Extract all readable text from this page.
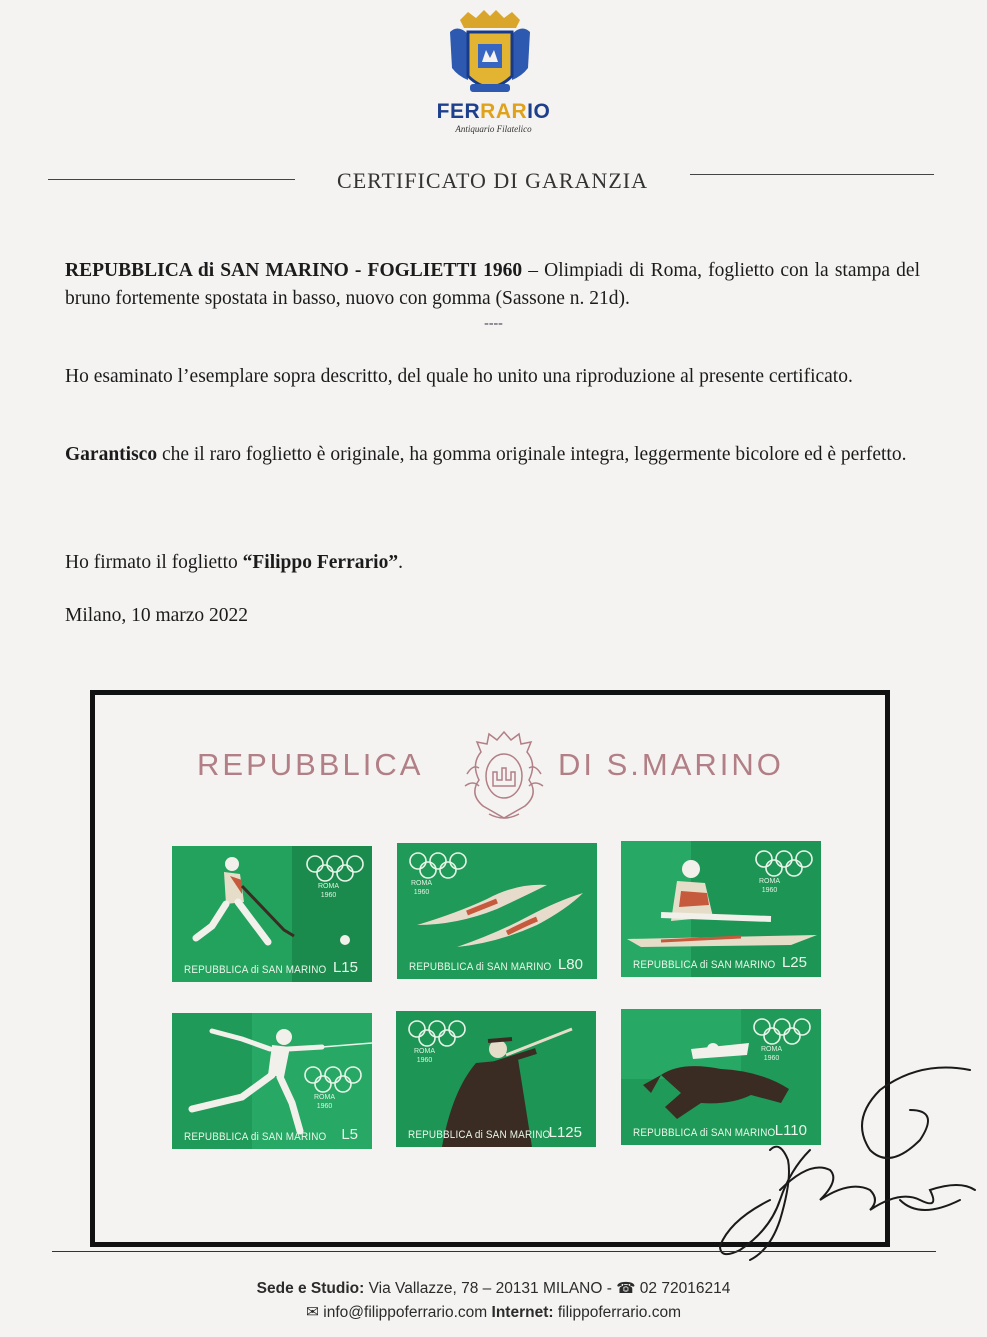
FERRARIO
Antiquario Filatelico
CERTIFICATO DI GARANZIA
REPUBBLICA di SAN MARINO - FOGLIETTI 1960 – Olimpiadi di Roma, foglietto con la stampa del bruno fortemente spostata in basso, nuovo con gomma (Sassone n. 21d).
----
Ho esaminato l’esemplare sopra descritto, del quale ho unito una riproduzione al presente certificato.
Garantisco che il raro foglietto è originale, ha gomma originale integra, leggermente bicolore ed è perfetto.
Ho firmato il foglietto “Filippo Ferrario”.
Milano, 10 marzo 2022
REPUBBLICA	DI S.MARINO
ROMA
1960
REPUBBLICA di SAN MARINO L15
ROMA
1960
REPUBBLICA di SAN MARINO L80
ROMA
1960
REPUBBLICA di SAN MARINO L25
ROMA
1960
REPUBBLICA di SAN MARINO L5
ROMA
1960
REPUBBLICA di SAN MARINO
L125
ROMA
1960
REPUBBLICA di SAN MARINO L110
Sede e Studio: Via Vallazze, 78 – 20131 MILANO - ☎ 02 72016214
✉ info@filippoferrario.com Internet: filippoferrario.com
